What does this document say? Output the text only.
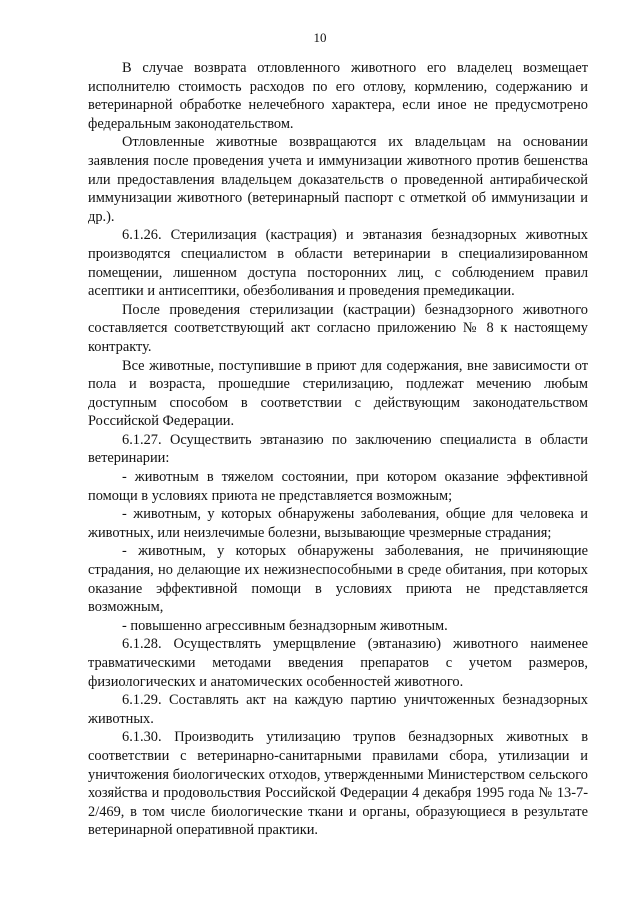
10

В случае возврата отловленного животного его владелец возмещает исполнителю стоимость расходов по его отлову, кормлению, содержанию и ветеринарной обработке нелечебного характера, если иное не предусмотрено федеральным законодательством.

Отловленные животные возвращаются их владельцам на основании заявления после проведения учета и иммунизации животного против бешенства или предоставления владельцем доказательств о проведенной антирабической иммунизации животного (ветеринарный паспорт с отметкой об иммунизации и др.).

6.1.26. Стерилизация (кастрация) и эвтаназия безнадзорных животных производятся специалистом в области ветеринарии в специализированном помещении, лишенном доступа посторонних лиц, с соблюдением правил асептики и антисептики, обезболивания и проведения премедикации.

После проведения стерилизации (кастрации) безнадзорного животного составляется соответствующий акт согласно приложению № 8 к настоящему контракту.

Все животные, поступившие в приют для содержания, вне зависимости от пола и возраста, прошедшие стерилизацию, подлежат мечению любым доступным способом в соответствии с действующим законодательством Российской Федерации.

6.1.27. Осуществить эвтаназию по заключению специалиста в области ветеринарии:

- животным в тяжелом состоянии, при котором оказание эффективной помощи в условиях приюта не представляется возможным;

- животным, у которых обнаружены заболевания, общие для человека и животных, или неизлечимые болезни, вызывающие чрезмерные страдания;

- животным, у которых обнаружены заболевания, не причиняющие страдания, но делающие их нежизнеспособными в среде обитания, при которых оказание эффективной помощи в условиях приюта не представляется возможным,

- повышенно агрессивным безнадзорным животным.

6.1.28. Осуществлять умерщвление (эвтаназию) животного наименее травматическими методами введения препаратов с учетом размеров, физиологических и анатомических особенностей животного.

6.1.29. Составлять акт на каждую партию уничтоженных безнадзорных животных.

6.1.30. Производить утилизацию трупов безнадзорных животных в соответствии с ветеринарно-санитарными правилами сбора, утилизации и уничтожения биологических отходов, утвержденными Министерством сельского хозяйства и продовольствия Российской Федерации 4 декабря 1995 года № 13-7-2/469, в том числе биологические ткани и органы, образующиеся в результате ветеринарной оперативной практики.
